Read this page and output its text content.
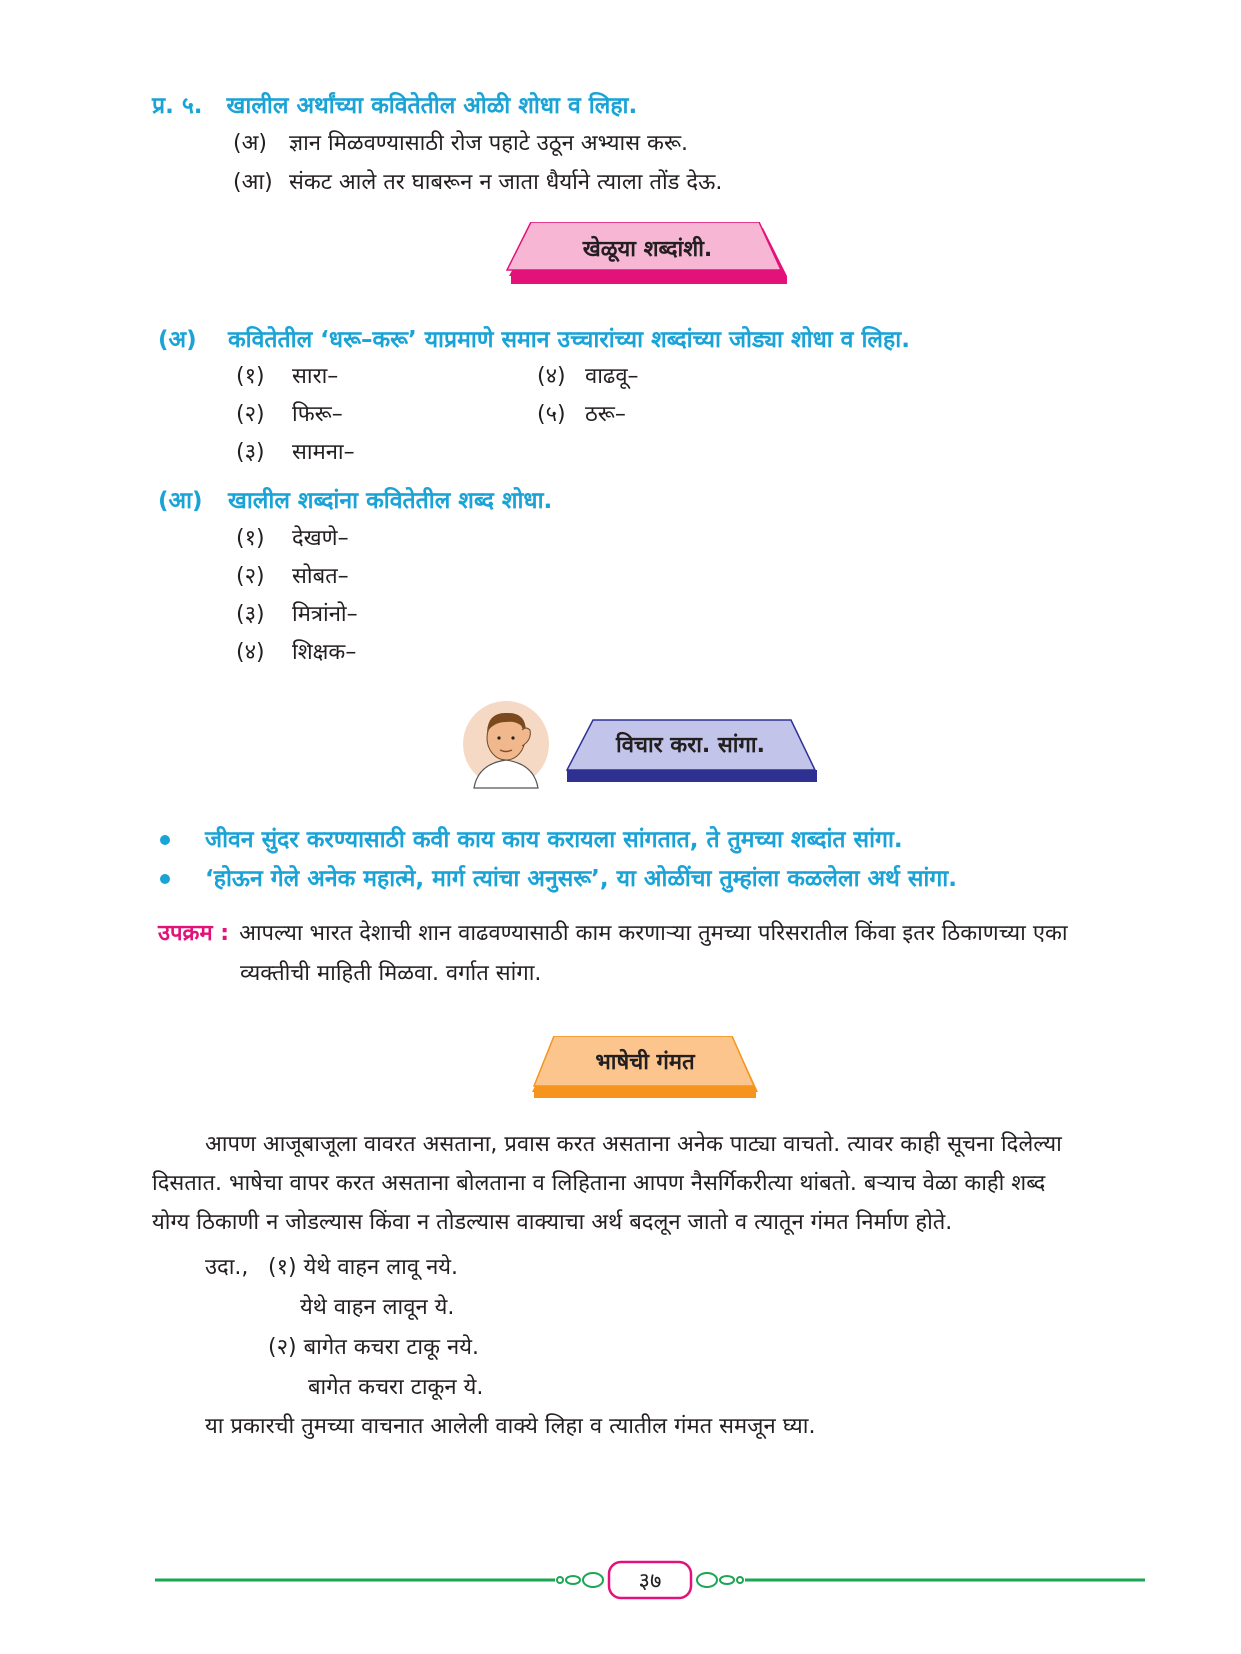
प्र. ५. खालील अर्थांच्या कवितेतील ओळी शोधा व लिहा.
(अ) ज्ञान मिळवण्यासाठी रोज पहाटे उठून अभ्यास करू.
(आ) संकट आले तर घाबरून न जाता धैर्याने त्याला तोंड देऊ.
खेळूया शब्दांशी.
(अ) कवितेतील ‘धरू–करू’ याप्रमाणे समान उच्चारांच्या शब्दांच्या जोड्या शोधा व लिहा.
(१) सारा–
(२) फिरू–
(३) सामना–
(४) वाढवू–
(५) ठरू–
(आ) खालील शब्दांना कवितेतील शब्द शोधा.
(१) देखणे–
(२) सोबत–
(३) मित्रांनो–
(४) शिक्षक–
विचार करा. सांगा.
जीवन सुंदर करण्यासाठी कवी काय काय करायला सांगतात, ते तुमच्या शब्दांत सांगा.
‘होऊन गेले अनेक महात्मे, मार्ग त्यांचा अनुसरू’, या ओळींचा तुम्हांला कळलेला अर्थ सांगा.
उपक्रम : आपल्या भारत देशाची शान वाढवण्यासाठी काम करणाऱ्या तुमच्या परिसरातील किंवा इतर ठिकाणच्या एका
व्यक्तीची माहिती मिळवा. वर्गात सांगा.
भाषेची गंमत
आपण आजूबाजूला वावरत असताना, प्रवास करत असताना अनेक पाट्या वाचतो. त्यावर काही सूचना दिलेल्या
दिसतात. भाषेचा वापर करत असताना बोलताना व लिहिताना आपण नैसर्गिकरीत्या थांबतो. बऱ्याच वेळा काही शब्द
योग्य ठिकाणी न जोडल्यास किंवा न तोडल्यास वाक्याचा अर्थ बदलून जातो व त्यातून गंमत निर्माण होते.
उदा., (१) येथे वाहन लावू नये.
येथे वाहन लावून ये.
(२) बागेत कचरा टाकू नये.
बागेत कचरा टाकून ये.
या प्रकारची तुमच्या वाचनात आलेली वाक्ये लिहा व त्यातील गंमत समजून घ्या.
३७
